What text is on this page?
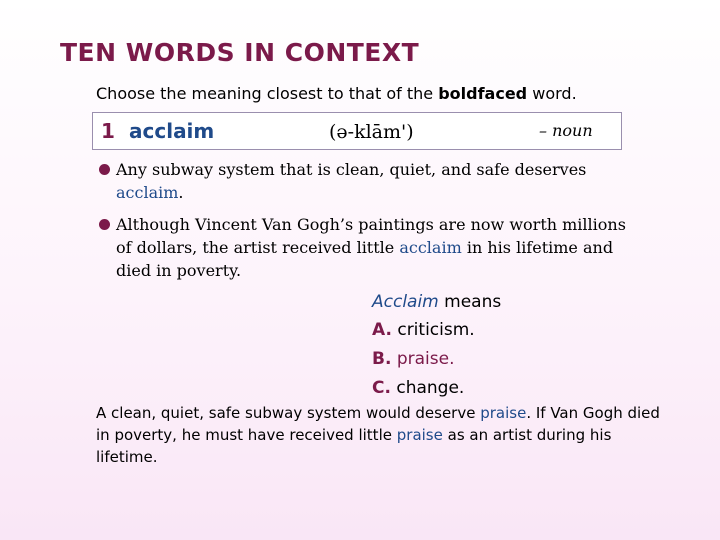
TEN WORDS IN CONTEXT
Choose the meaning closest to that of the boldfaced word.
1 acclaim	(ə-klām')	– noun
Any subway system that is clean, quiet, and safe deserves
acclaim.
Although Vincent Van Gogh’s paintings are now worth millions of dollars, the artist received little acclaim in his lifetime and died in poverty.
Acclaim means
A. criticism.
B. praise.
C. change.
A clean, quiet, safe subway system would deserve praise. If Van Gogh died in poverty, he must have received little praise as an artist during his lifetime.
